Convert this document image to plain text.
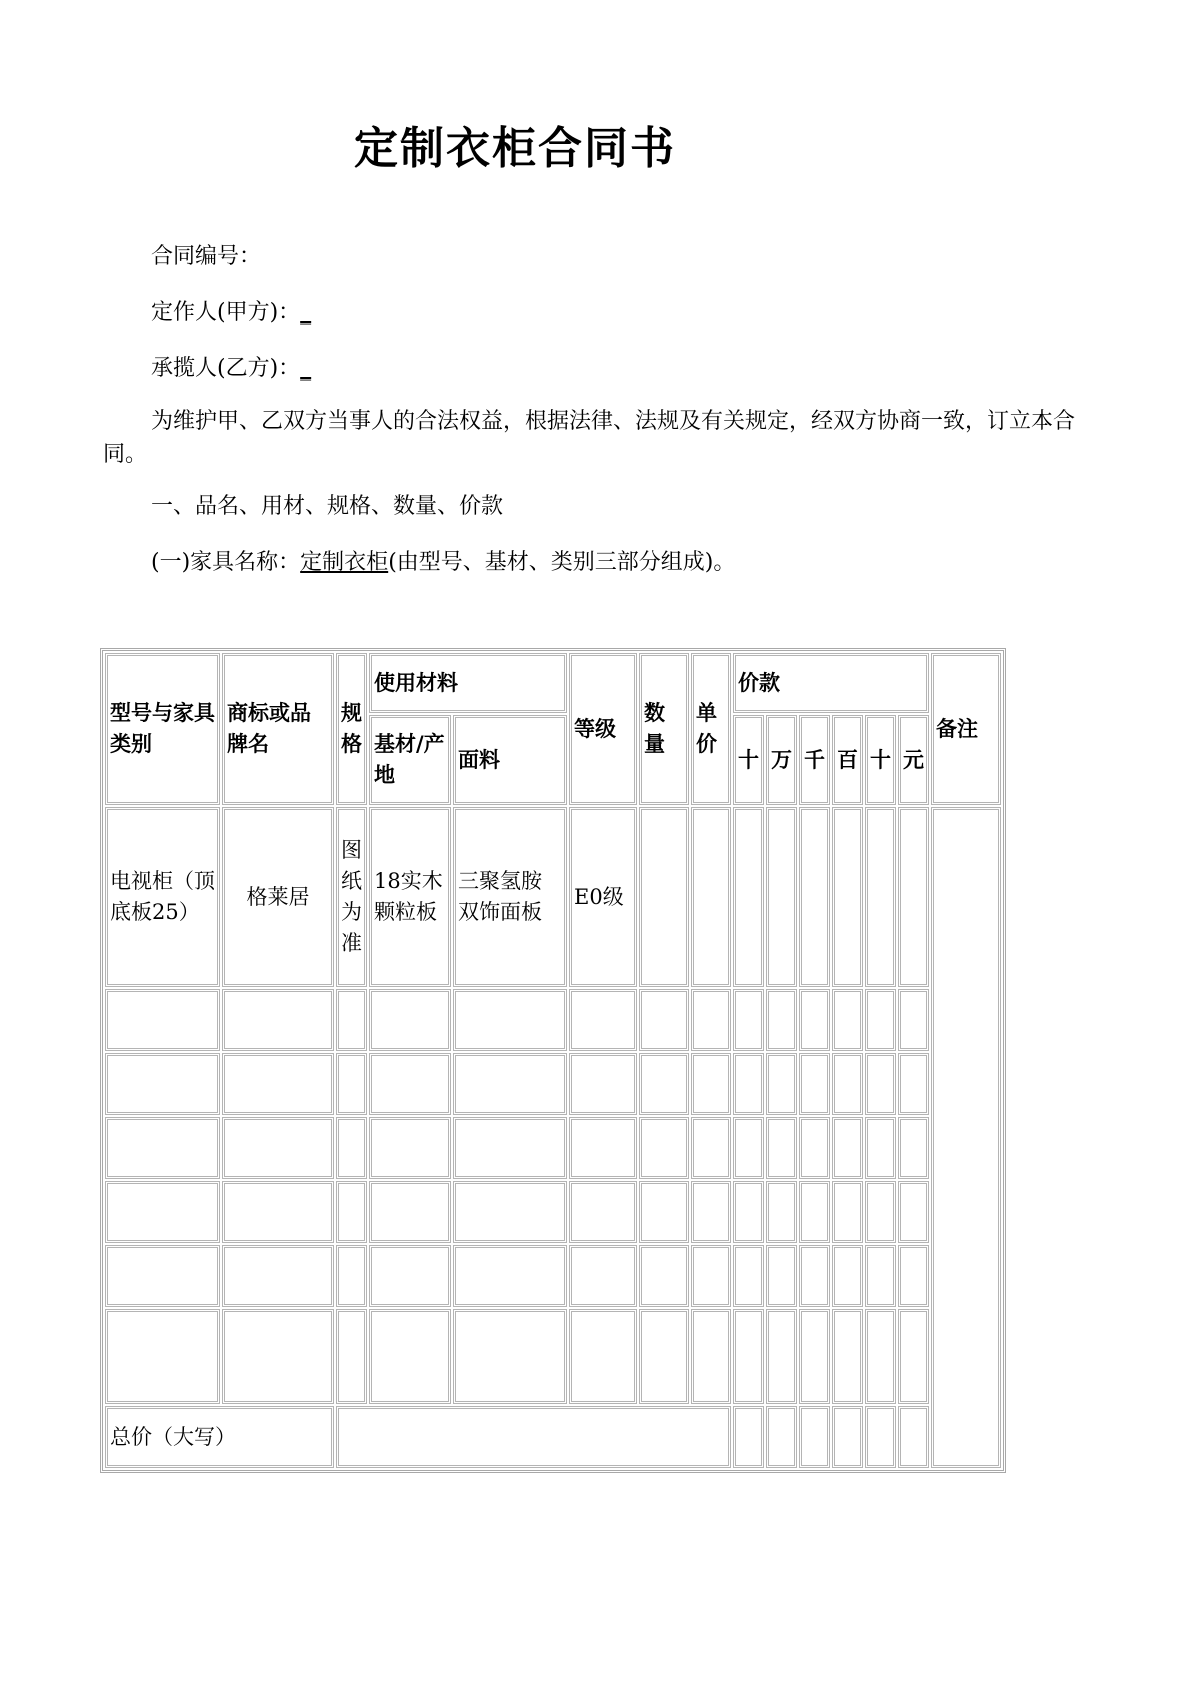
定制衣柜合同书
合同编号：
定作人(甲方)：_
承揽人(乙方)：_
为维护甲、乙双方当事人的合法权益，根据法律、法规及有关规定，经双方协商一致，订立本合同。
一、品名、用材、规格、数量、价款
(一)家具名称：定制衣柜(由型号、基材、类别三部分组成)。
型号与家具类别	商标或品牌名	规格	使用材料		等级	数量	单价	价款						备注
			基材/产地	面料				十	万	千	百	十	元	
电视柜（顶底板25）	格莱居	图纸为准	18实木颗粒板	三聚氢胺双饰面板	E0级									

总价（大写）														
